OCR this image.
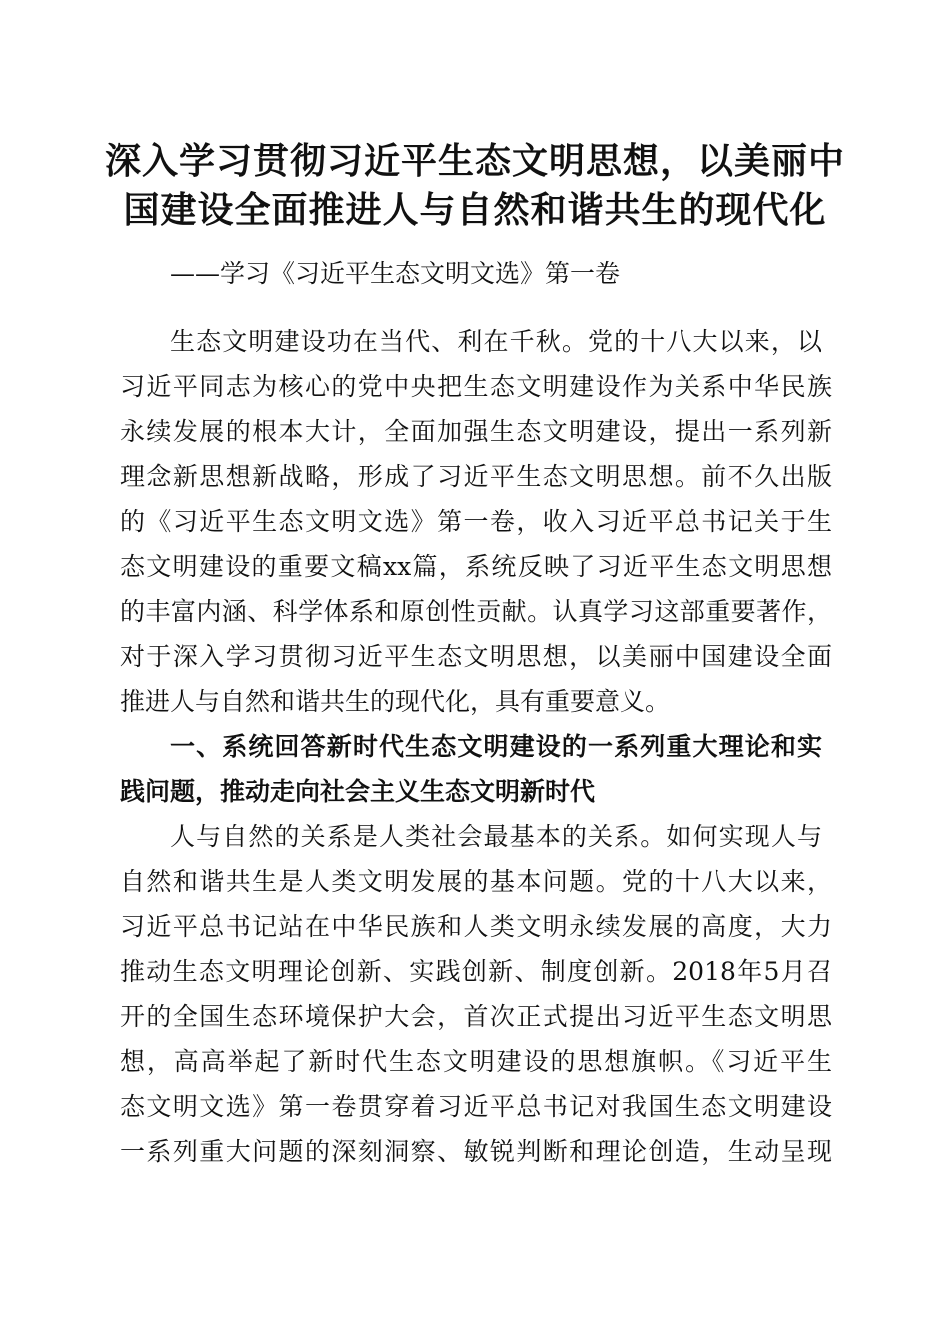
深入学习贯彻习近平生态文明思想，以美丽中
国建设全面推进人与自然和谐共生的现代化

——学习《习近平生态文明文选》第一卷

生态文明建设功在当代、利在千秋。党的十八大以来，以

习近平同志为核心的党中央把生态文明建设作为关系中华民族

永续发展的根本大计，全面加强生态文明建设，提出一系列新

理念新思想新战略，形成了习近平生态文明思想。前不久出版

的《习近平生态文明文选》第一卷，收入习近平总书记关于生

态文明建设的重要文稿xx篇，系统反映了习近平生态文明思想

的丰富内涵、科学体系和原创性贡献。认真学习这部重要著作，

对于深入学习贯彻习近平生态文明思想，以美丽中国建设全面

推进人与自然和谐共生的现代化，具有重要意义。

一、系统回答新时代生态文明建设的一系列重大理论和实

践问题，推动走向社会主义生态文明新时代

人与自然的关系是人类社会最基本的关系。如何实现人与

自然和谐共生是人类文明发展的基本问题。党的十八大以来，

习近平总书记站在中华民族和人类文明永续发展的高度，大力

推动生态文明理论创新、实践创新、制度创新。2018年5月召

开的全国生态环境保护大会，首次正式提出习近平生态文明思

想，高高举起了新时代生态文明建设的思想旗帜。《习近平生

态文明文选》第一卷贯穿着习近平总书记对我国生态文明建设

一系列重大问题的深刻洞察、敏锐判断和理论创造，生动呈现
